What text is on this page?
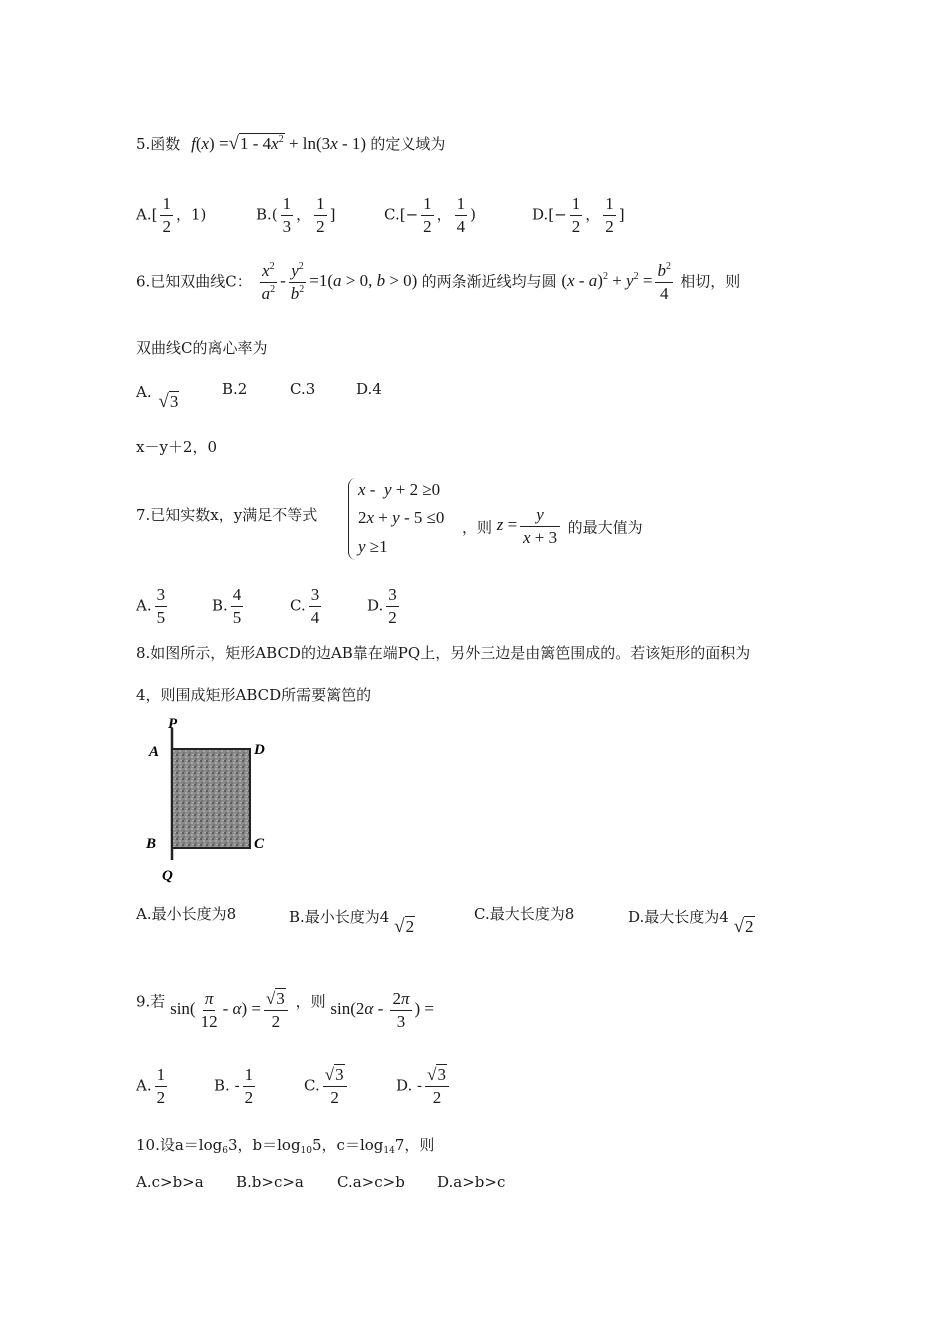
5.函数 $f(x) =√1 - 4x^2 + \ln(3x - 1)$ 的定义域为
$A.[ \frac{1}{2}$ ，1)	$B.( \frac{1}{3}$ ， $\frac{1}{2}$ ]	$C.[- \frac{1}{2}$ ， $\frac{1}{4}$ )	$D.[- \frac{1}{2}$ ， $\frac{1}{2}$ ]
6.已知双曲线C： $\frac{x^2}{a^2} - \frac{y^2}{b^2} =1(a > 0$, b > 0) 的两条渐近线均与圆 $(x - a)^2 + y^2 = \frac{b^2}{4}$ 相切，则
双曲线C的离心率为
A. √3
B.2	C.3	D.4
x－y＋2，0
7.已知实数x，y满足不等式
x -  y + 2 ≥0
2x + y - 5 ≤0
y ≥1
，则 $z = \frac{y}{x + 3}$ 的最大值为
A. $\frac{3}{5}$	B. $\frac{4}{5}$	C. $\frac{3}{4}$	D. $\frac{3}{2}$
8.如图所示，矩形ABCD的边AB靠在端PQ上，另外三边是由篱笆围成的。若该矩形的面积为
4，则围成矩形ABCD所需要篱笆的
P
A	D
B	C
Q
A.最小长度为8	B.最小长度为4 √2
C.最大长度为8	D.最大长度为4 √2
9.若 $\sin( \frac{\pi}{12} - \alpha) = \frac{√3}{2}$ ，则 $\sin(2\alpha - \frac{2\pi}{3}$ ) =
A. $\frac{1}{2}$	B. - $\frac{1}{2}$	C. $\frac{√3}{2}$	D. - $\frac{√3}{2}$
10.设$a=\log_63$，$b=\log_{10}5$，$c=\log_{14}7$，则
A.c>b>a B.b>c>a C.a>c>b D.a>b>c
